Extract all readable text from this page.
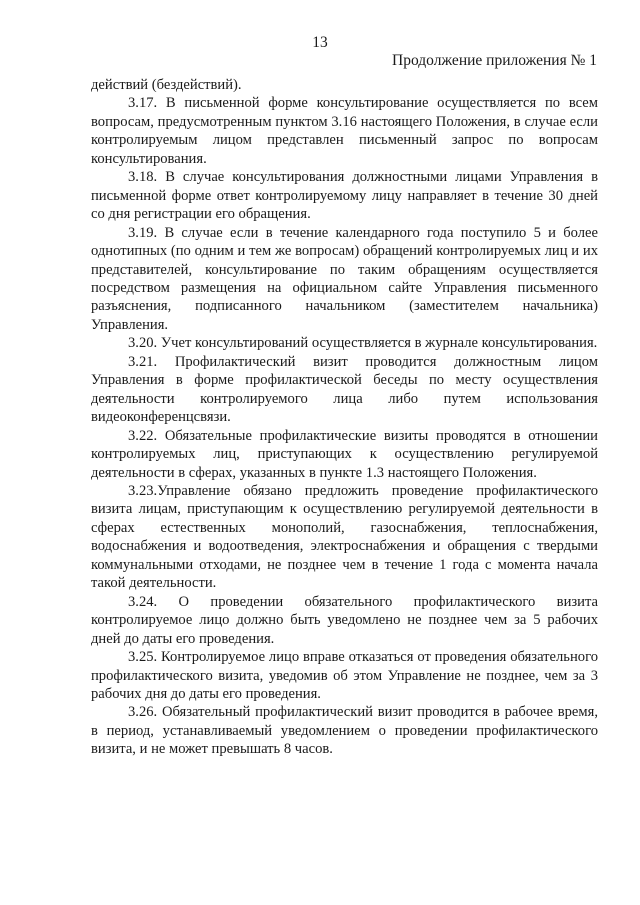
13
Продолжение приложения № 1

действий (бездействий).

3.17. В письменной форме консультирование осуществляется по всем вопросам, предусмотренным пунктом 3.16 настоящего Положения, в случае если контролируемым лицом представлен письменный запрос по вопросам консультирования.

3.18. В случае консультирования должностными лицами Управления в письменной форме ответ контролируемому лицу направляет в течение 30 дней со дня регистрации его обращения.

3.19. В случае если в течение календарного года поступило 5 и более однотипных (по одним и тем же вопросам) обращений контролируемых лиц и их представителей, консультирование по таким обращениям осуществляется посредством размещения на официальном сайте Управления письменного разъяснения, подписанного начальником (заместителем начальника) Управления.

3.20. Учет консультирований осуществляется в журнале консультирования.

3.21. Профилактический визит проводится должностным лицом Управления в форме профилактической беседы по месту осуществления деятельности контролируемого лица либо путем использования видеоконференцсвязи.

3.22. Обязательные профилактические визиты проводятся в отношении контролируемых лиц, приступающих к осуществлению регулируемой деятельности в сферах, указанных в пункте 1.3 настоящего Положения.

3.23.Управление обязано предложить проведение профилактического визита лицам, приступающим к осуществлению регулируемой деятельности в сферах естественных монополий, газоснабжения, теплоснабжения, водоснабжения и водоотведения, электроснабжения и обращения с твердыми коммунальными отходами, не позднее чем в течение 1 года с момента начала такой деятельности.

3.24. О проведении обязательного профилактического визита контролируемое лицо должно быть уведомлено не позднее чем за 5 рабочих дней до даты его проведения.

3.25. Контролируемое лицо вправе отказаться от проведения обязательного профилактического визита, уведомив об этом Управление не позднее, чем за 3 рабочих дня до даты его проведения.

3.26. Обязательный профилактический визит проводится в рабочее время, в период, устанавливаемый уведомлением о проведении профилактического визита, и не может превышать 8 часов.
